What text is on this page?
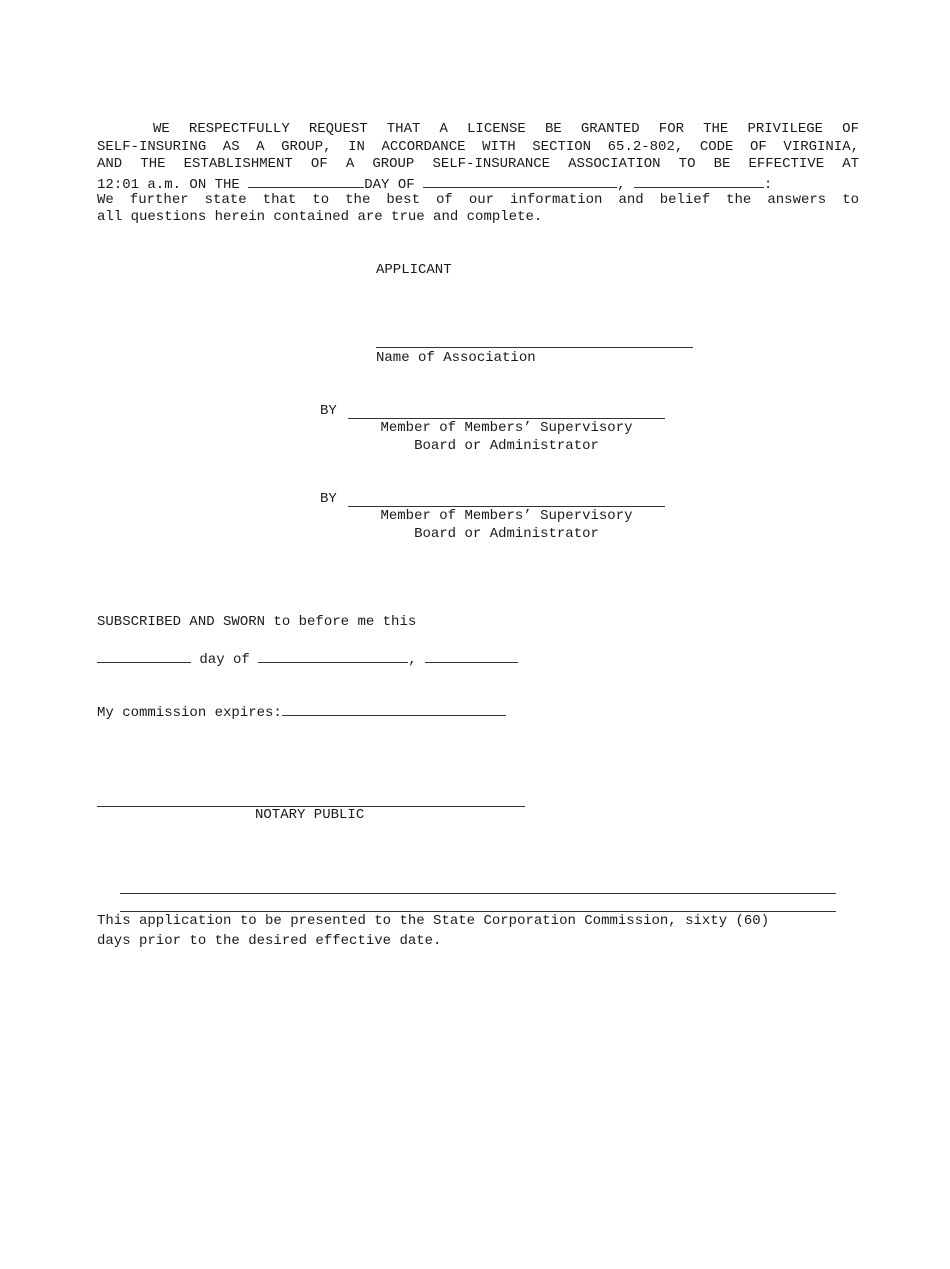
WE RESPECTFULLY REQUEST THAT A LICENSE BE GRANTED FOR THE PRIVILEGE OF
SELF-INSURING AS A GROUP, IN ACCORDANCE WITH SECTION 65.2-802, CODE OF VIRGINIA,
AND THE ESTABLISHMENT OF A GROUP SELF-INSURANCE ASSOCIATION TO BE EFFECTIVE AT
12:01 a.m. ON THE	DAY OF	,	:
We further state that to the best of our information and belief the answers to
all questions herein contained are true and complete.
APPLICANT
Name of Association
BY
Member of Members’ Supervisory
Board or Administrator
BY
Member of Members’ Supervisory
Board or Administrator
SUBSCRIBED AND SWORN to before me this
day of	,
My commission expires:
NOTARY PUBLIC
This application to be presented to the State Corporation Commission, sixty (60)
days prior to the desired effective date.
